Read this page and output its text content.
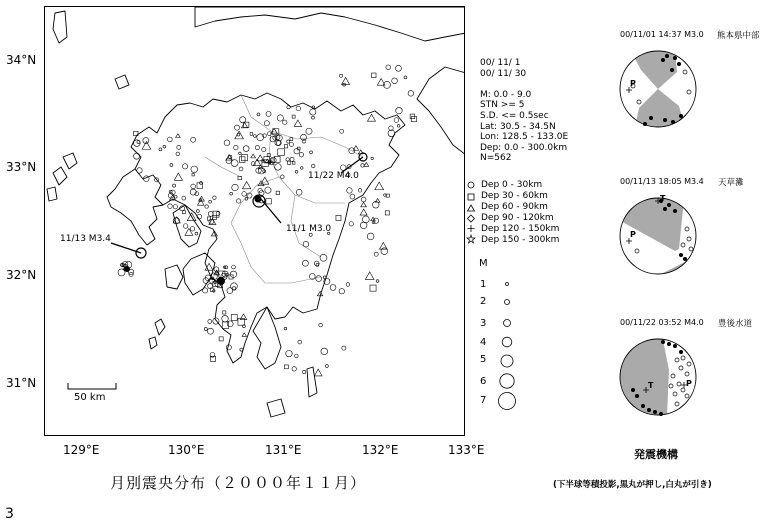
34°N
33°N
32°N
31°N
129°E	130°E	131°E	132°E	133°E
50 km
11/13 M3.4
11/22 M4.0
11/1 M3.0
00/ 11/ 1
00/ 11/ 30

M: 0.0 - 9.0
STN >= 5
S.D. <= 0.5sec
Lat: 30.5 - 34.5N
Lon: 128.5 - 133.0E
Dep: 0.0 - 300.0km
N=562
Dep 0 - 30km
Dep 30 - 60km
Dep 60 - 90km
Dep 90 - 120km
Dep 120 - 150km
Dep 150 - 300km
M
1
2
3
4
5
6
7
00/11/01 14:37 M3.0 熊本県中部
00/11/13 18:05 M3.4 天草灘
00/11/22 03:52 M4.0 豊後水道
P
T
P
T	P
発震機構
(下半球等積投影,黒丸が押し,白丸が引き)
月別震央分布（２０００年１１月）
3
